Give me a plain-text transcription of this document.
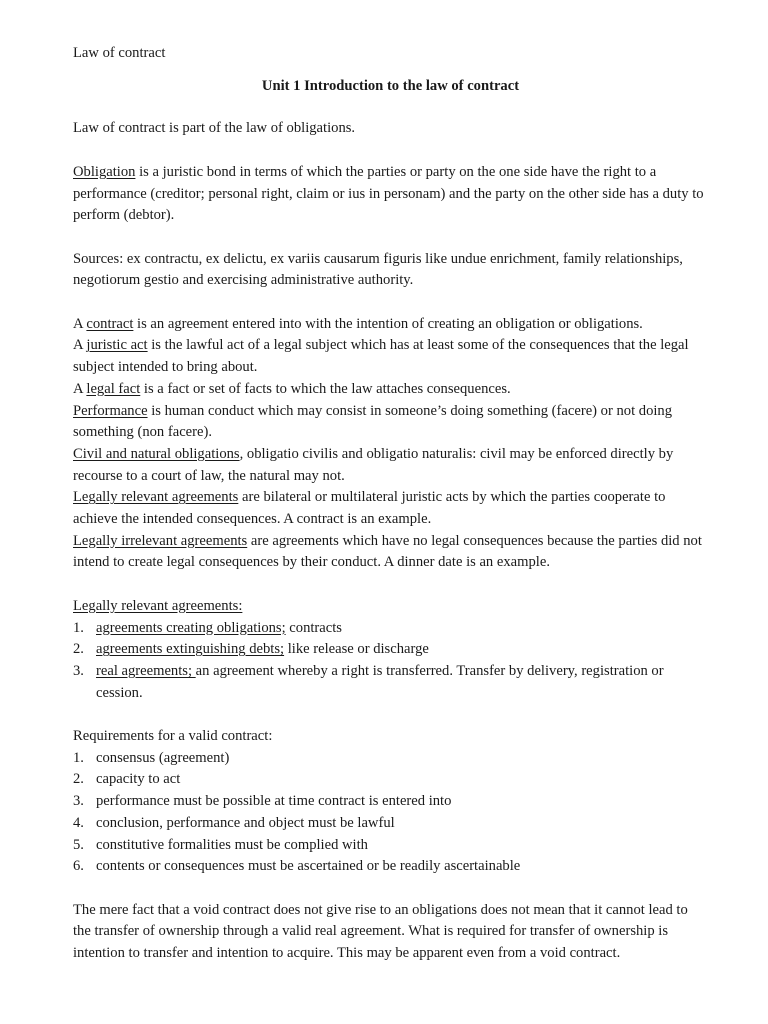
Law of contract
Unit 1 Introduction to the law of contract

Law of contract is part of the law of obligations.

Obligation is a juristic bond in terms of which the parties or party on the one side have the right to a performance (creditor; personal right, claim or ius in personam) and the party on the other side has a duty to perform (debtor).

Sources: ex contractu, ex delictu, ex variis causarum figuris like undue enrichment, family relationships, negotiorum gestio and exercising administrative authority.

A contract is an agreement entered into with the intention of creating an obligation or obligations.

A juristic act is the lawful act of a legal subject which has at least some of the consequences that the legal subject intended to bring about.

A legal fact is a fact or set of facts to which the law attaches consequences.

Performance is human conduct which may consist in someone’s doing something (facere) or not doing something (non facere).

Civil and natural obligations, obligatio civilis and obligatio naturalis: civil may be enforced directly by recourse to a court of law, the natural may not.

Legally relevant agreements are bilateral or multilateral juristic acts by which the parties cooperate to achieve the intended consequences. A contract is an example.

Legally irrelevant agreements are agreements which have no legal consequences because the parties did not intend to create legal consequences by their conduct. A dinner date is an example.

Legally relevant agreements:

1. agreements creating obligations; contracts
2. agreements extinguishing debts; like release or discharge
3. real agreements; an agreement whereby a right is transferred. Transfer by delivery, registration or cession.

Requirements for a valid contract:

1. consensus (agreement)
2. capacity to act
3. performance must be possible at time contract is entered into
4. conclusion, performance and object must be lawful
5. constitutive formalities must be complied with
6. contents or consequences must be ascertained or be readily ascertainable

The mere fact that a void contract does not give rise to an obligations does not mean that it cannot lead to the transfer of ownership through a valid real agreement. What is required for transfer of ownership is intention to transfer and intention to acquire. This may be apparent even from a void contract.
